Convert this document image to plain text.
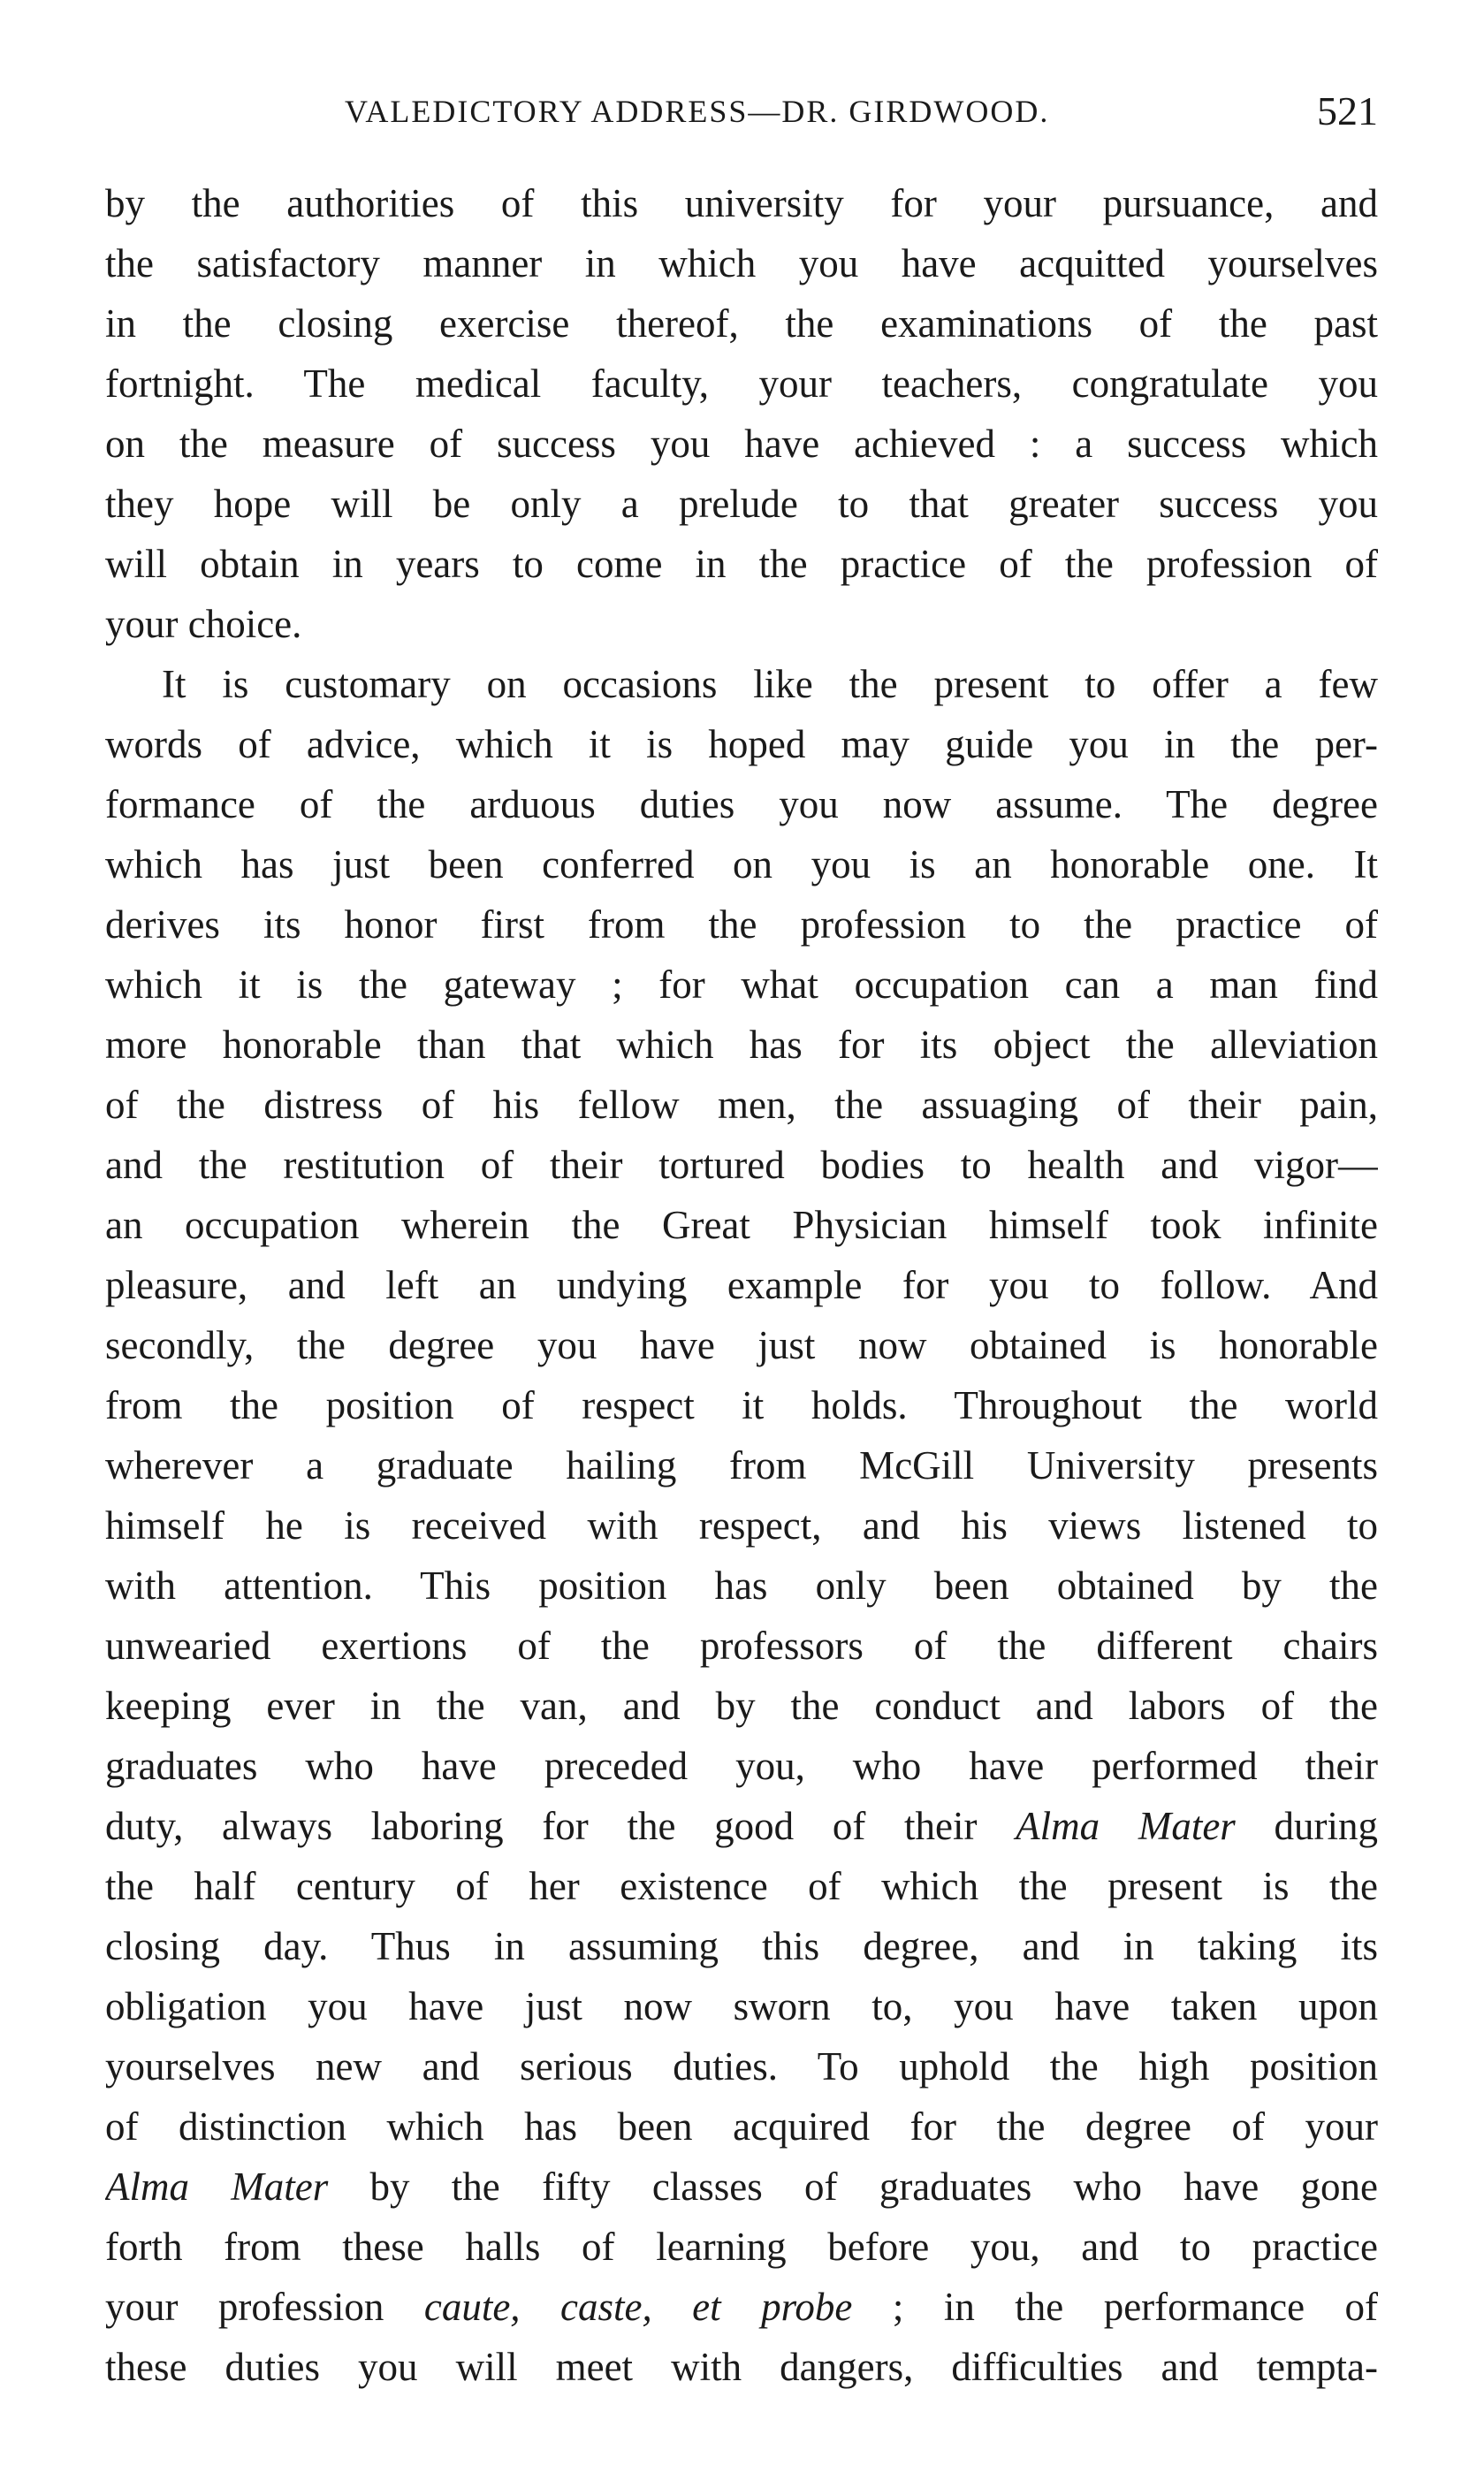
VALEDICTORY ADDRESS—DR. GIRDWOOD.	521
by the authorities of this university for your pursuance, and
the satisfactory manner in which you have acquitted yourselves
in the closing exercise thereof, the examinations of the past
fortnight. The medical faculty, your teachers, congratulate you
on the measure of success you have achieved : a success which
they hope will be only a prelude to that greater success you
will obtain in years to come in the practice of the profession of
your choice.
It is customary on occasions like the present to offer a few
words of advice, which it is hoped may guide you in the per-
formance of the arduous duties you now assume. The degree
which has just been conferred on you is an honorable one. It
derives its honor first from the profession to the practice of
which it is the gateway ; for what occupation can a man find
more honorable than that which has for its object the alleviation
of the distress of his fellow men, the assuaging of their pain,
and the restitution of their tortured bodies to health and vigor—
an occupation wherein the Great Physician himself took infinite
pleasure, and left an undying example for you to follow. And
secondly, the degree you have just now obtained is honorable
from the position of respect it holds. Throughout the world
wherever a graduate hailing from McGill University presents
himself he is received with respect, and his views listened to
with attention. This position has only been obtained by the
unwearied exertions of the professors of the different chairs
keeping ever in the van, and by the conduct and labors of the
graduates who have preceded you, who have performed their
duty, always laboring for the good of their Alma Mater during
the half century of her existence of which the present is the
closing day. Thus in assuming this degree, and in taking its
obligation you have just now sworn to, you have taken upon
yourselves new and serious duties. To uphold the high position
of distinction which has been acquired for the degree of your
Alma Mater by the fifty classes of graduates who have gone
forth from these halls of learning before you, and to practice
your profession caute, caste, et probe ; in the performance of
these duties you will meet with dangers, difficulties and tempta-
